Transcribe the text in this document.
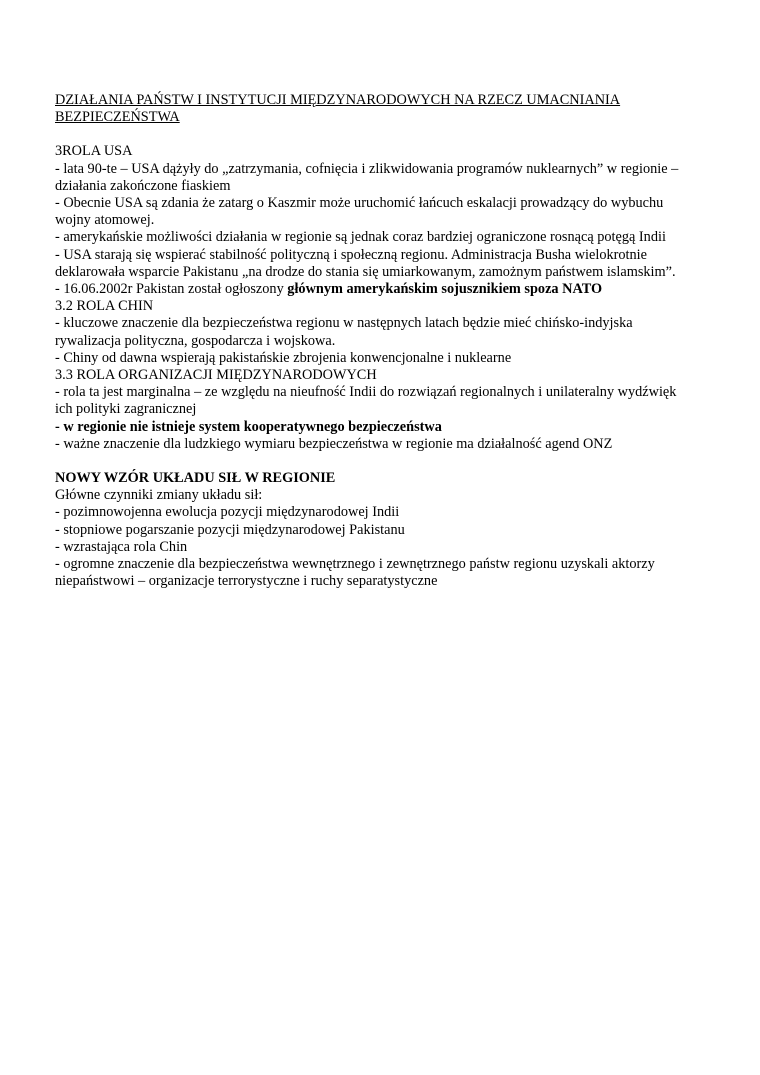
DZIAŁANIA PAŃSTW I INSTYTUCJI MIĘDZYNARODOWYCH NA RZECZ UMACNIANIA BEZPIECZEŃSTWA
3ROLA USA
- lata 90-te – USA dążyły do „zatrzymania, cofnięcia i zlikwidowania programów nuklearnych” w regionie – działania zakończone fiaskiem
- Obecnie USA są zdania że zatarg o Kaszmir może uruchomić łańcuch eskalacji prowadzący do wybuchu wojny atomowej.
- amerykańskie możliwości działania w regionie są jednak coraz bardziej ograniczone rosnącą potęgą Indii
- USA starają się wspierać stabilność polityczną i społeczną regionu. Administracja Busha wielokrotnie deklarowała wsparcie Pakistanu „na drodze do stania się umiarkowanym, zamożnym państwem islamskim”.
- 16.06.2002r Pakistan został ogłoszony głównym amerykańskim sojusznikiem spoza NATO
3.2 ROLA CHIN
- kluczowe znaczenie dla bezpieczeństwa regionu w następnych latach będzie mieć chińsko-indyjska rywalizacja polityczna, gospodarcza i wojskowa.
- Chiny od dawna wspierają pakistańskie zbrojenia konwencjonalne i nuklearne
3.3 ROLA ORGANIZACJI MIĘDZYNARODOWYCH
- rola ta jest marginalna – ze względu na nieufność Indii do rozwiązań regionalnych i unilateralny wydźwięk ich polityki zagranicznej
- w regionie nie istnieje system kooperatywnego bezpieczeństwa
- ważne znaczenie dla ludzkiego wymiaru bezpieczeństwa w regionie ma działalność agend ONZ
NOWY WZÓR UKŁADU SIŁ W REGIONIE
Główne czynniki zmiany układu sił:
- pozimnowojenna ewolucja pozycji międzynarodowej Indii
- stopniowe pogarszanie pozycji międzynarodowej Pakistanu
- wzrastająca rola Chin
- ogromne znaczenie dla bezpieczeństwa wewnętrznego i zewnętrznego państw regionu uzyskali aktorzy niepaństwowi – organizacje terrorystyczne i ruchy separatystyczne
